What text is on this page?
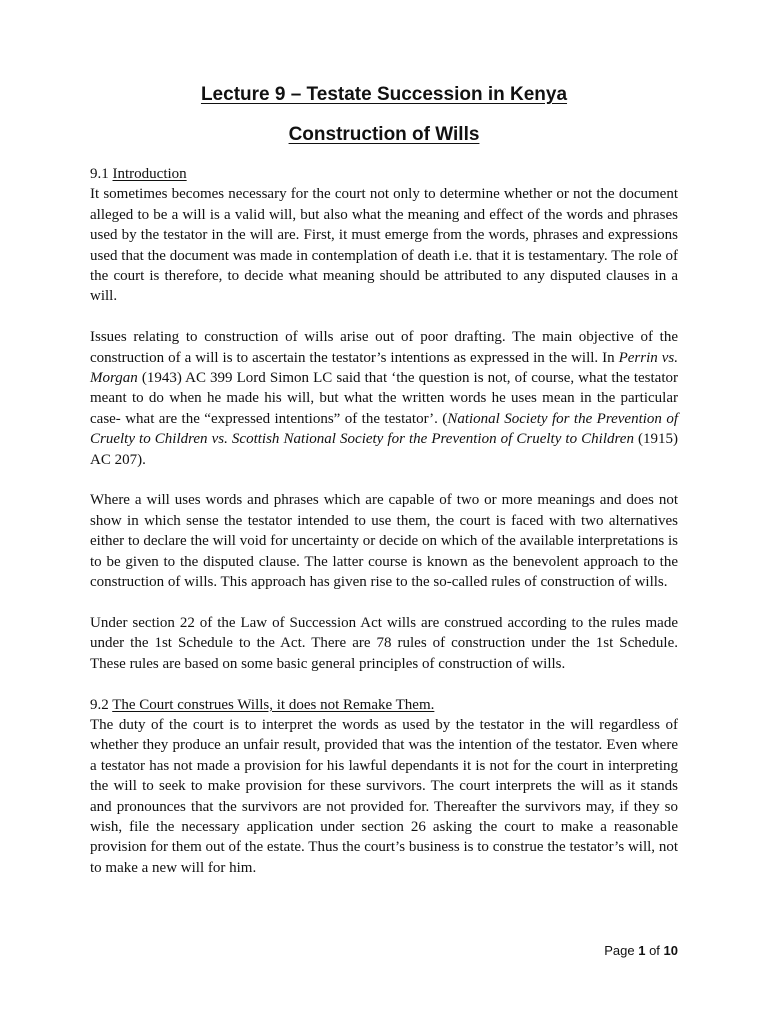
Lecture 9 – Testate Succession in Kenya
Construction of Wills

9.1 Introduction

It sometimes becomes necessary for the court not only to determine whether or not the document alleged to be a will is a valid will, but also what the meaning and effect of the words and phrases used by the testator in the will are. First, it must emerge from the words, phrases and expressions used that the document was made in contemplation of death i.e. that it is testamentary. The role of the court is therefore, to decide what meaning should be attributed to any disputed clauses in a will.

Issues relating to construction of wills arise out of poor drafting. The main objective of the construction of a will is to ascertain the testator’s intentions as expressed in the will. In Perrin vs. Morgan (1943) AC 399 Lord Simon LC said that ‘the question is not, of course, what the testator meant to do when he made his will, but what the written words he uses mean in the particular case- what are the “expressed intentions” of the testator’. (National Society for the Prevention of Cruelty to Children vs. Scottish National Society for the Prevention of Cruelty to Children (1915) AC 207).

Where a will uses words and phrases which are capable of two or more meanings and does not show in which sense the testator intended to use them, the court is faced with two alternatives either to declare the will void for uncertainty or decide on which of the available interpretations is to be given to the disputed clause. The latter course is known as the benevolent approach to the construction of wills. This approach has given rise to the so-called rules of construction of wills.

Under section 22 of the Law of Succession Act wills are construed according to the rules made under the 1st Schedule to the Act. There are 78 rules of construction under the 1st Schedule. These rules are based on some basic general principles of construction of wills.

9.2 The Court construes Wills, it does not Remake Them.

The duty of the court is to interpret the words as used by the testator in the will regardless of whether they produce an unfair result, provided that was the intention of the testator. Even where a testator has not made a provision for his lawful dependants it is not for the court in interpreting the will to seek to make provision for these survivors. The court interprets the will as it stands and pronounces that the survivors are not provided for. Thereafter the survivors may, if they so wish, file the necessary application under section 26 asking the court to make a reasonable provision for them out of the estate. Thus the court’s business is to construe the testator’s will, not to make a new will for him.

Page 1 of 10
